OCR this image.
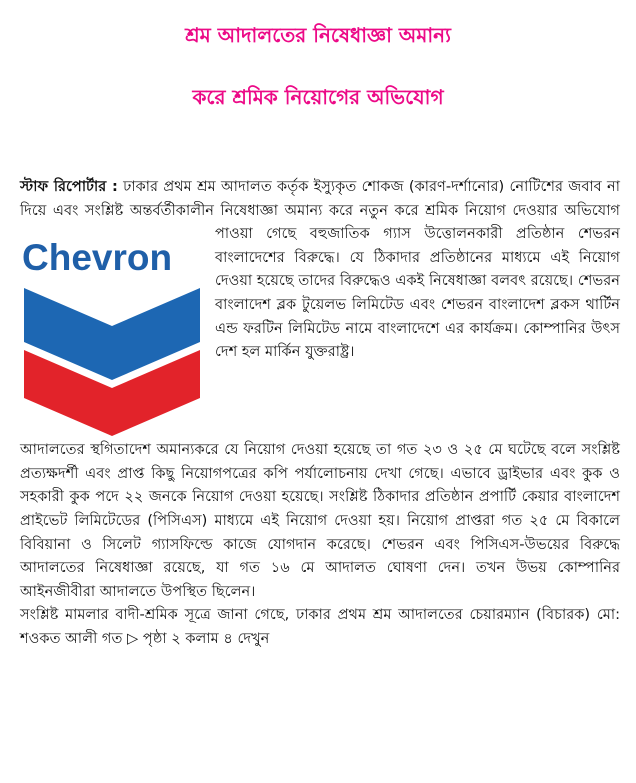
শ্রম আদালতের নিষেধাজ্ঞা অমান্য
করে শ্রমিক নিয়োগের অভিযোগ

স্টাফ রিপোর্টার : ঢাকার প্রথম শ্রম আদালত কর্তৃক ইস্যুকৃত শোকজ (কারণ-দর্শানোর) নোটিশের জবাব না দিয়ে এবং সংশ্লিষ্ট অন্তর্বর্তীকালীন নিষেধাজ্ঞা অমান্য করে নতুন করে শ্রমিক নিয়োগ দেওয়ার অভিযোগ

Chevron
পাওয়া গেছে বহুজাতিক গ্যাস উত্তোলনকারী প্রতিষ্ঠান শেভরন বাংলাদেশের বিরুদ্ধে। যে ঠিকাদার প্রতিষ্ঠানের মাধ্যমে এই নিয়োগ দেওয়া হয়েছে তাদের বিরুদ্ধেও একই নিষেধাজ্ঞা বলবৎ রয়েছে। শেভরন বাংলাদেশ ব্লক টুয়েলভ লিমিটেড এবং শেভরন বাংলাদেশ ব্লকস থার্টিন এন্ড ফরটিন লিমিটেড নামে বাংলাদেশে এর কার্যক্রম। কোম্পানির উৎস দেশ হল মার্কিন যুক্তরাষ্ট্র।

আদালতের স্থগিতাদেশ অমান্যকরে যে নিয়োগ দেওয়া হয়েছে তা গত ২৩ ও ২৫ মে ঘটেছে বলে সংশ্লিষ্ট প্রত্যক্ষদর্শী এবং প্রাপ্ত কিছু নিয়োগপত্রের কপি পর্যালোচনায় দেখা গেছে। এভাবে ড্রাইভার এবং কুক ও সহকারী কুক পদে ২২ জনকে নিয়োগ দেওয়া হয়েছে। সংশ্লিষ্ট ঠিকাদার প্রতিষ্ঠান প্রপার্টি কেয়ার বাংলাদেশ প্রাইভেট লিমিটেডের (পিসিএস) মাধ্যমে এই নিয়োগ দেওয়া হয়। নিয়োগ প্রাপ্তরা গত ২৫ মে বিকালে বিবিয়ানা ও সিলেট গ্যাসফিল্ডে কাজে যোগদান করেছে। শেভরন এবং পিসিএস-উভয়ের বিরুদ্ধে আদালতের নিষেধাজ্ঞা রয়েছে, যা গত ১৬ মে আদালত ঘোষণা দেন। তখন উভয় কোম্পানির আইনজীবীরা আদালতে উপস্থিত ছিলেন।

সংশ্লিষ্ট মামলার বাদী-শ্রমিক সূত্রে জানা গেছে, ঢাকার প্রথম শ্রম আদালতের চেয়ারম্যান (বিচারক) মো: শওকত আলী গত ▷ পৃষ্ঠা ২ কলাম ৪ দেখুন
